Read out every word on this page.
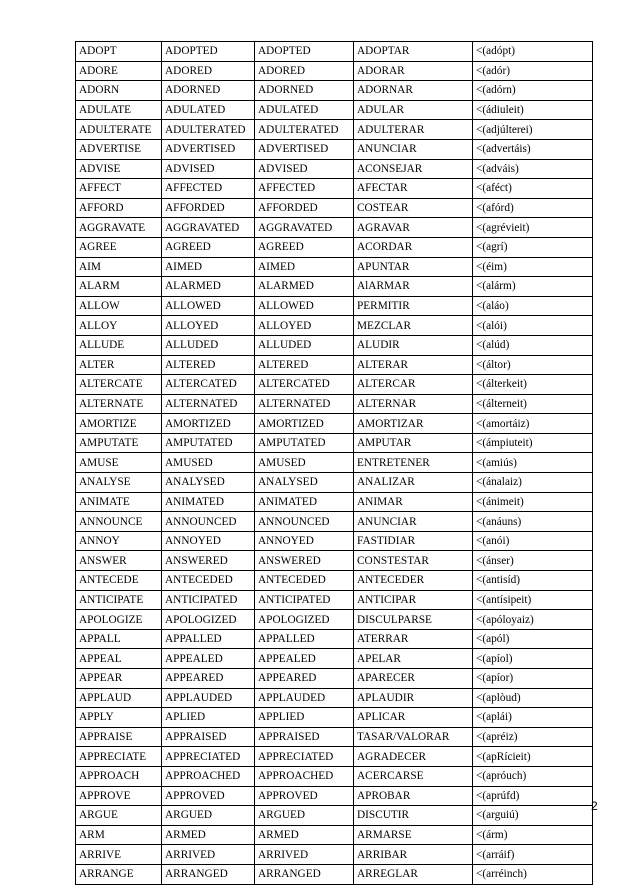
ADOPT	ADOPTED	ADOPTED	ADOPTAR	<(adópt)
ADORE	ADORED	ADORED	ADORAR	<(adór)
ADORN	ADORNED	ADORNED	ADORNAR	<(adórn)
ADULATE	ADULATED	ADULATED	ADULAR	<(ádiuleit)
ADULTERATE	ADULTERATED	ADULTERATED	ADULTERAR	<(adjúlterei)
ADVERTISE	ADVERTISED	ADVERTISED	ANUNCIAR	<(advertáis)
ADVISE	ADVISED	ADVISED	ACONSEJAR	<(adváis)
AFFECT	AFFECTED	AFFECTED	AFECTAR	<(aféct)
AFFORD	AFFORDED	AFFORDED	COSTEAR	<(afórd)
AGGRAVATE	AGGRAVATED	AGGRAVATED	AGRAVAR	<(agrévieit)
AGREE	AGREED	AGREED	ACORDAR	<(agrí)
AIM	AIMED	AIMED	APUNTAR	<(éim)
ALARM	ALARMED	ALARMED	AlARMAR	<(alárm)
ALLOW	ALLOWED	ALLOWED	PERMITIR	<(aláo)
ALLOY	ALLOYED	ALLOYED	MEZCLAR	<(alói)
ALLUDE	ALLUDED	ALLUDED	ALUDIR	<(alúd)
ALTER	ALTERED	ALTERED	ALTERAR	<(áltor)
ALTERCATE	ALTERCATED	ALTERCATED	ALTERCAR	<(álterkeit)
ALTERNATE	ALTERNATED	ALTERNATED	ALTERNAR	<(álterneit)
AMORTIZE	AMORTIZED	AMORTIZED	AMORTIZAR	<(amortáiz)
AMPUTATE	AMPUTATED	AMPUTATED	AMPUTAR	<(ámpiuteit)
AMUSE	AMUSED	AMUSED	ENTRETENER	<(amiús)
ANALYSE	ANALYSED	ANALYSED	ANALIZAR	<(ánalaiz)
ANIMATE	ANIMATED	ANIMATED	ANIMAR	<(ánimeit)
ANNOUNCE	ANNOUNCED	ANNOUNCED	ANUNCIAR	<(anáuns)
ANNOY	ANNOYED	ANNOYED	FASTIDIAR	<(anói)
ANSWER	ANSWERED	ANSWERED	CONSTESTAR	<(ánser)
ANTECEDE	ANTECEDED	ANTECEDED	ANTECEDER	<(antisíd)
ANTICIPATE	ANTICIPATED	ANTICIPATED	ANTICIPAR	<(antísipeit)
APOLOGIZE	APOLOGIZED	APOLOGIZED	DISCULPARSE	<(apóloyaiz)
APPALL	APPALLED	APPALLED	ATERRAR	<(apól)
APPEAL	APPEALED	APPEALED	APELAR	<(apíol)
APPEAR	APPEARED	APPEARED	APARECER	<(apíor)
APPLAUD	APPLAUDED	APPLAUDED	APLAUDIR	<(aplòud)
APPLY	APLIED	APPLIED	APLICAR	<(aplái)
APPRAISE	APPRAISED	APPRAISED	TASAR/VALORAR	<(apréiz)
APPRECIATE	APPRECIATED	APPRECIATED	AGRADECER	<(apRícieit)
APPROACH	APPROACHED	APPROACHED	ACERCARSE	<(apróuch)
APPROVE	APPROVED	APPROVED	APROBAR	<(aprúfd)
ARGUE	ARGUED	ARGUED	DISCUTIR	<(arguiú)
ARM	ARMED	ARMED	ARMARSE	<(árm)
ARRIVE	ARRIVED	ARRIVED	ARRIBAR	<(arráif)
ARRANGE	ARRANGED	ARRANGED	ARREGLAR	<(arréinch)
2
